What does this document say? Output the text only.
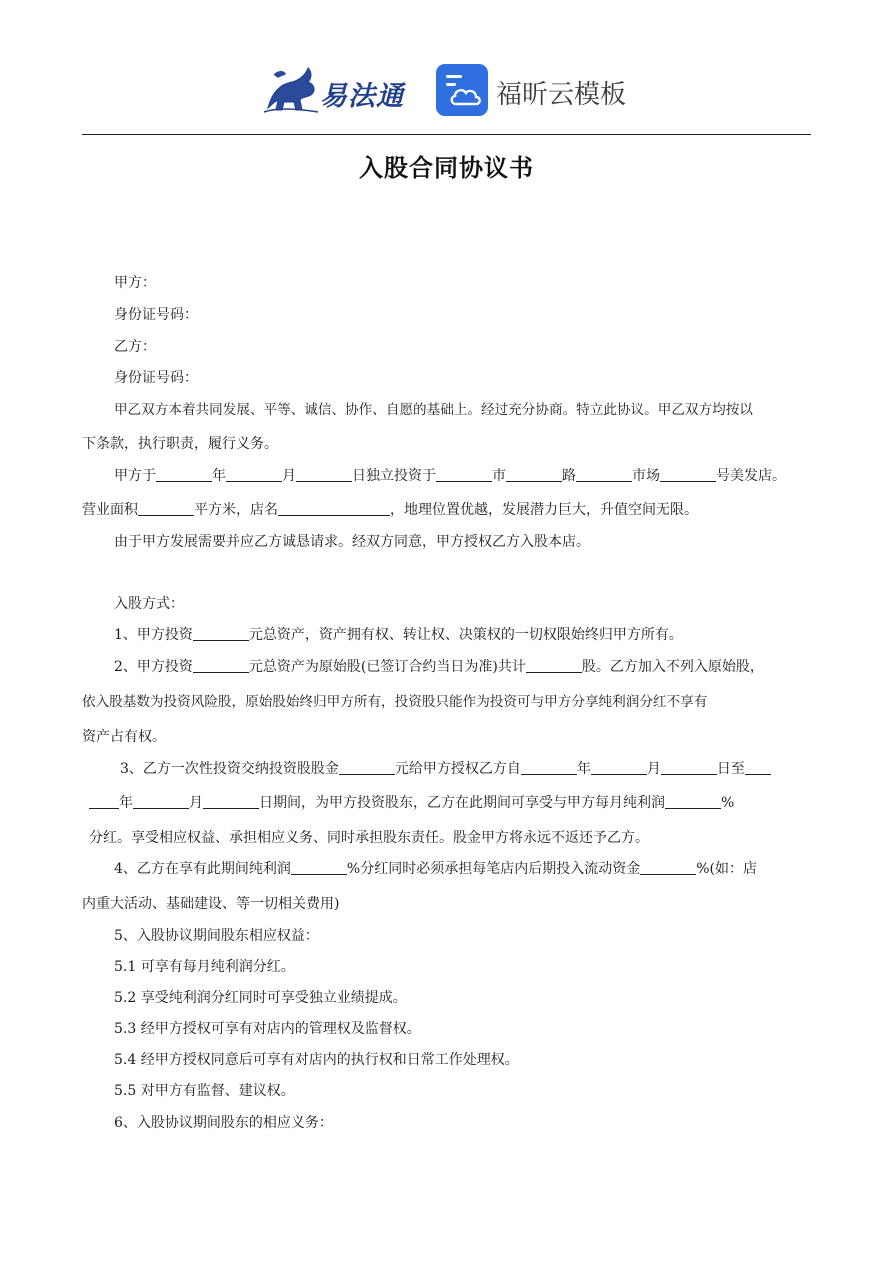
易法通	福昕云模板
入股合同协议书
甲方：
身份证号码：
乙方：
身份证号码：
甲乙双方本着共同发展、平等、诚信、协作、自愿的基础上。经过充分协商。特立此协议。甲乙双方均按以
下条款，执行职责，履行义务。
甲方于	年	月	日独立投资于	市	路	市场	号美发店。
营业面积	平方米，店名	，地理位置优越，发展潜力巨大，升值空间无限。
由于甲方发展需要并应乙方诚恳请求。经双方同意，甲方授权乙方入股本店。
入股方式：
1、甲方投资	元总资产，资产拥有权、转让权、决策权的一切权限始终归甲方所有。
2、甲方投资	元总资产为原始股(已签订合约当日为准)共计	股。乙方加入不列入原始股，
依入股基数为投资风险股，原始股始终归甲方所有，投资股只能作为投资可与甲方分享纯利润分红不享有
资产占有权。
3、乙方一次性投资交纳投资股股金	元给甲方授权乙方自	年	月	日至
年	月	日期间，为甲方投资股东，乙方在此期间可享受与甲方每月纯利润	%
分红。享受相应权益、承担相应义务、同时承担股东责任。股金甲方将永远不返还予乙方。
4、乙方在享有此期间纯利润	%分红同时必须承担每笔店内后期投入流动资金	%(如：店
内重大活动、基础建设、等一切相关费用)
5、入股协议期间股东相应权益：
5.1 可享有每月纯利润分红。
5.2 享受纯利润分红同时可享受独立业绩提成。
5.3 经甲方授权可享有对店内的管理权及监督权。
5.4 经甲方授权同意后可享有对店内的执行权和日常工作处理权。
5.5 对甲方有监督、建议权。
6、入股协议期间股东的相应义务：
